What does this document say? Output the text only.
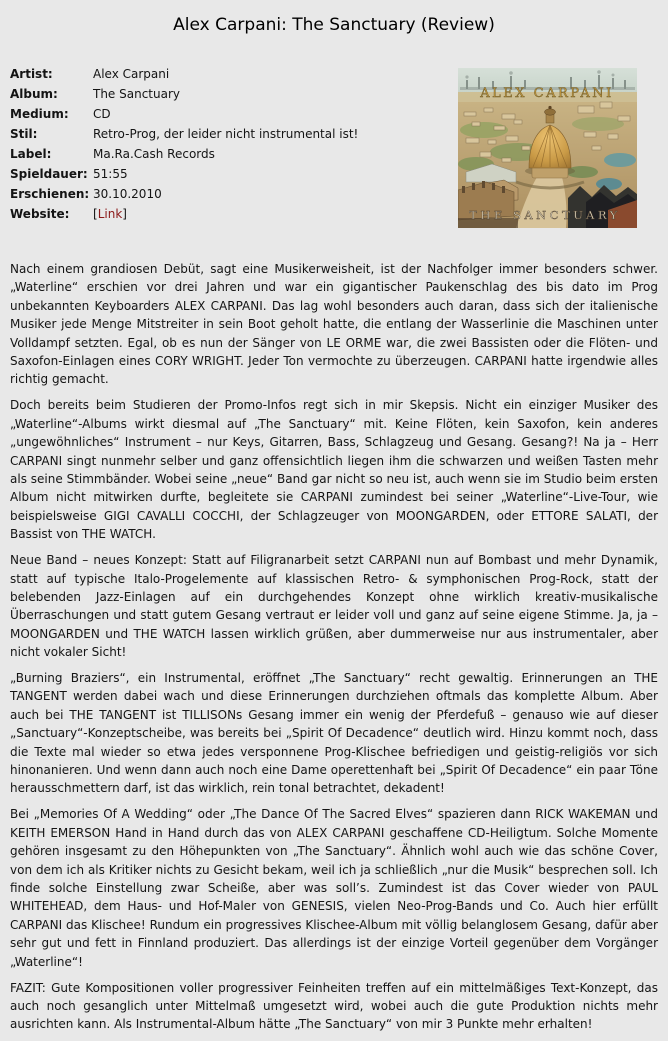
Alex Carpani: The Sanctuary (Review)
Artist:	Alex Carpani
Album:	The Sanctuary
Medium:	CD
Stil:	Retro-Prog, der leider nicht instrumental ist!
Label:	Ma.Ra.Cash Records
Spieldauer: 51:55
Erschienen: 30.10.2010
Website:	[Link]
ALEX CARPANI
THE SANCTUARY

Nach einem grandiosen Debüt, sagt eine Musikerweisheit, ist der Nachfolger immer besonders schwer. „Waterline“ erschien vor drei Jahren und war ein gigantischer Paukenschlag des bis dato im Prog unbekannten Keyboarders ALEX CARPANI. Das lag wohl besonders auch daran, dass sich der italienische Musiker jede Menge Mitstreiter in sein Boot geholt hatte, die entlang der Wasserlinie die Maschinen unter Volldampf setzten. Egal, ob es nun der Sänger von LE ORME war, die zwei Bassisten oder die Flöten- und Saxofon-Einlagen eines CORY WRIGHT. Jeder Ton vermochte zu überzeugen. CARPANI hatte irgendwie alles richtig gemacht.

Doch bereits beim Studieren der Promo-Infos regt sich in mir Skepsis. Nicht ein einziger Musiker des „Waterline“-Albums wirkt diesmal auf „The Sanctuary“ mit. Keine Flöten, kein Saxofon, kein anderes „ungewöhnliches“ Instrument – nur Keys, Gitarren, Bass, Schlagzeug und Gesang. Gesang?! Na ja – Herr CARPANI singt nunmehr selber und ganz offensichtlich liegen ihm die schwarzen und weißen Tasten mehr als seine Stimmbänder. Wobei seine „neue“ Band gar nicht so neu ist, auch wenn sie im Studio beim ersten Album nicht mitwirken durfte, begleitete sie CARPANI zumindest bei seiner „Waterline“-Live-Tour, wie beispielsweise GIGI CAVALLI COCCHI, der Schlagzeuger von MOONGARDEN, oder ETTORE SALATI, der Bassist von THE WATCH.

Neue Band – neues Konzept: Statt auf Filigranarbeit setzt CARPANI nun auf Bombast und mehr Dynamik, statt auf typische Italo-Progelemente auf klassischen Retro- & symphonischen Prog-Rock, statt der belebenden Jazz-Einlagen auf ein durchgehendes Konzept ohne wirklich kreativ-musikalische Überraschungen und statt gutem Gesang vertraut er leider voll und ganz auf seine eigene Stimme. Ja, ja – MOONGARDEN und THE WATCH lassen wirklich grüßen, aber dummerweise nur aus instrumentaler, aber nicht vokaler Sicht!

„Burning Braziers“, ein Instrumental, eröffnet „The Sanctuary“ recht gewaltig. Erinnerungen an THE TANGENT werden dabei wach und diese Erinnerungen durchziehen oftmals das komplette Album. Aber auch bei THE TANGENT ist TILLISONs Gesang immer ein wenig der Pferdefuß – genauso wie auf dieser „Sanctuary“-Konzeptscheibe, was bereits bei „Spirit Of Decadence“ deutlich wird. Hinzu kommt noch, dass die Texte mal wieder so etwa jedes versponnene Prog-Klischee befriedigen und geistig-religiös vor sich hinonanieren. Und wenn dann auch noch eine Dame operettenhaft bei „Spirit Of Decadence“ ein paar Töne herausschmettern darf, ist das wirklich, rein tonal betrachtet, dekadent!

Bei „Memories Of A Wedding“ oder „The Dance Of The Sacred Elves“ spazieren dann RICK WAKEMAN und KEITH EMERSON Hand in Hand durch das von ALEX CARPANI geschaffene CD-Heiligtum. Solche Momente gehören insgesamt zu den Höhepunkten von „The Sanctuary“. Ähnlich wohl auch wie das schöne Cover, von dem ich als Kritiker nichts zu Gesicht bekam, weil ich ja schließlich „nur die Musik“ besprechen soll. Ich finde solche Einstellung zwar Scheiße, aber was soll’s. Zumindest ist das Cover wieder von PAUL WHITEHEAD, dem Haus- und Hof-Maler von GENESIS, vielen Neo-Prog-Bands und Co. Auch hier erfüllt CARPANI das Klischee! Rundum ein progressives Klischee-Album mit völlig belanglosem Gesang, dafür aber sehr gut und fett in Finnland produziert. Das allerdings ist der einzige Vorteil gegenüber dem Vorgänger „Waterline“!

FAZIT: Gute Kompositionen voller progressiver Feinheiten treffen auf ein mittelmäßiges Text-Konzept, das auch noch gesanglich unter Mittelmaß umgesetzt wird, wobei auch die gute Produktion nichts mehr ausrichten kann. Als Instrumental-Album hätte „The Sanctuary“ von mir 3 Punkte mehr erhalten!
